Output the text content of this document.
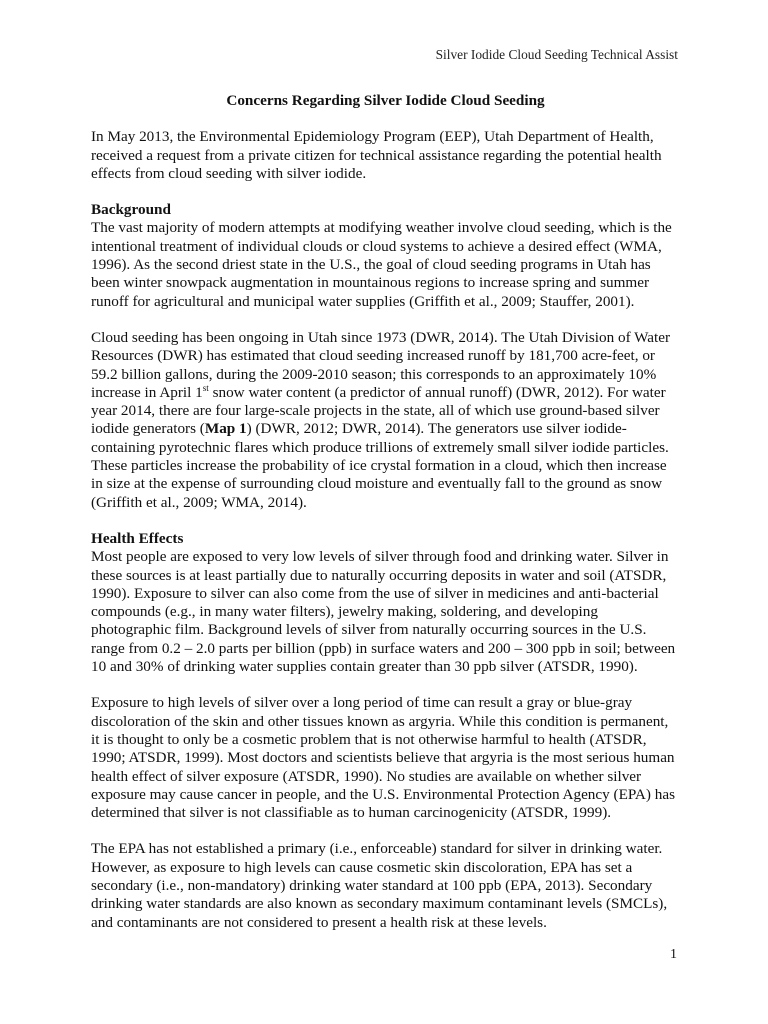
Silver Iodide Cloud Seeding Technical Assist
Concerns Regarding Silver Iodide Cloud Seeding

In May 2013, the Environmental Epidemiology Program (EEP), Utah Department of Health, received a request from a private citizen for technical assistance regarding the potential health effects from cloud seeding with silver iodide.

Background
The vast majority of modern attempts at modifying weather involve cloud seeding, which is the intentional treatment of individual clouds or cloud systems to achieve a desired effect (WMA, 1996). As the second driest state in the U.S., the goal of cloud seeding programs in Utah has been winter snowpack augmentation in mountainous regions to increase spring and summer runoff for agricultural and municipal water supplies (Griffith et al., 2009; Stauffer, 2001).

Cloud seeding has been ongoing in Utah since 1973 (DWR, 2014). The Utah Division of Water Resources (DWR) has estimated that cloud seeding increased runoff by 181,700 acre-feet, or 59.2 billion gallons, during the 2009-2010 season; this corresponds to an approximately 10% increase in April 1st snow water content (a predictor of annual runoff) (DWR, 2012). For water year 2014, there are four large-scale projects in the state, all of which use ground-based silver iodide generators (Map 1) (DWR, 2012; DWR, 2014). The generators use silver iodide-containing pyrotechnic flares which produce trillions of extremely small silver iodide particles. These particles increase the probability of ice crystal formation in a cloud, which then increase in size at the expense of surrounding cloud moisture and eventually fall to the ground as snow (Griffith et al., 2009; WMA, 2014).

Health Effects
Most people are exposed to very low levels of silver through food and drinking water. Silver in these sources is at least partially due to naturally occurring deposits in water and soil (ATSDR, 1990). Exposure to silver can also come from the use of silver in medicines and anti-bacterial compounds (e.g., in many water filters), jewelry making, soldering, and developing photographic film. Background levels of silver from naturally occurring sources in the U.S. range from 0.2 – 2.0 parts per billion (ppb) in surface waters and 200 – 300 ppb in soil; between 10 and 30% of drinking water supplies contain greater than 30 ppb silver (ATSDR, 1990).

Exposure to high levels of silver over a long period of time can result a gray or blue-gray discoloration of the skin and other tissues known as argyria. While this condition is permanent, it is thought to only be a cosmetic problem that is not otherwise harmful to health (ATSDR, 1990; ATSDR, 1999). Most doctors and scientists believe that argyria is the most serious human health effect of silver exposure (ATSDR, 1990). No studies are available on whether silver exposure may cause cancer in people, and the U.S. Environmental Protection Agency (EPA) has determined that silver is not classifiable as to human carcinogenicity (ATSDR, 1999).

The EPA has not established a primary (i.e., enforceable) standard for silver in drinking water. However, as exposure to high levels can cause cosmetic skin discoloration, EPA has set a secondary (i.e., non-mandatory) drinking water standard at 100 ppb (EPA, 2013). Secondary drinking water standards are also known as secondary maximum contaminant levels (SMCLs), and contaminants are not considered to present a health risk at these levels.

1
